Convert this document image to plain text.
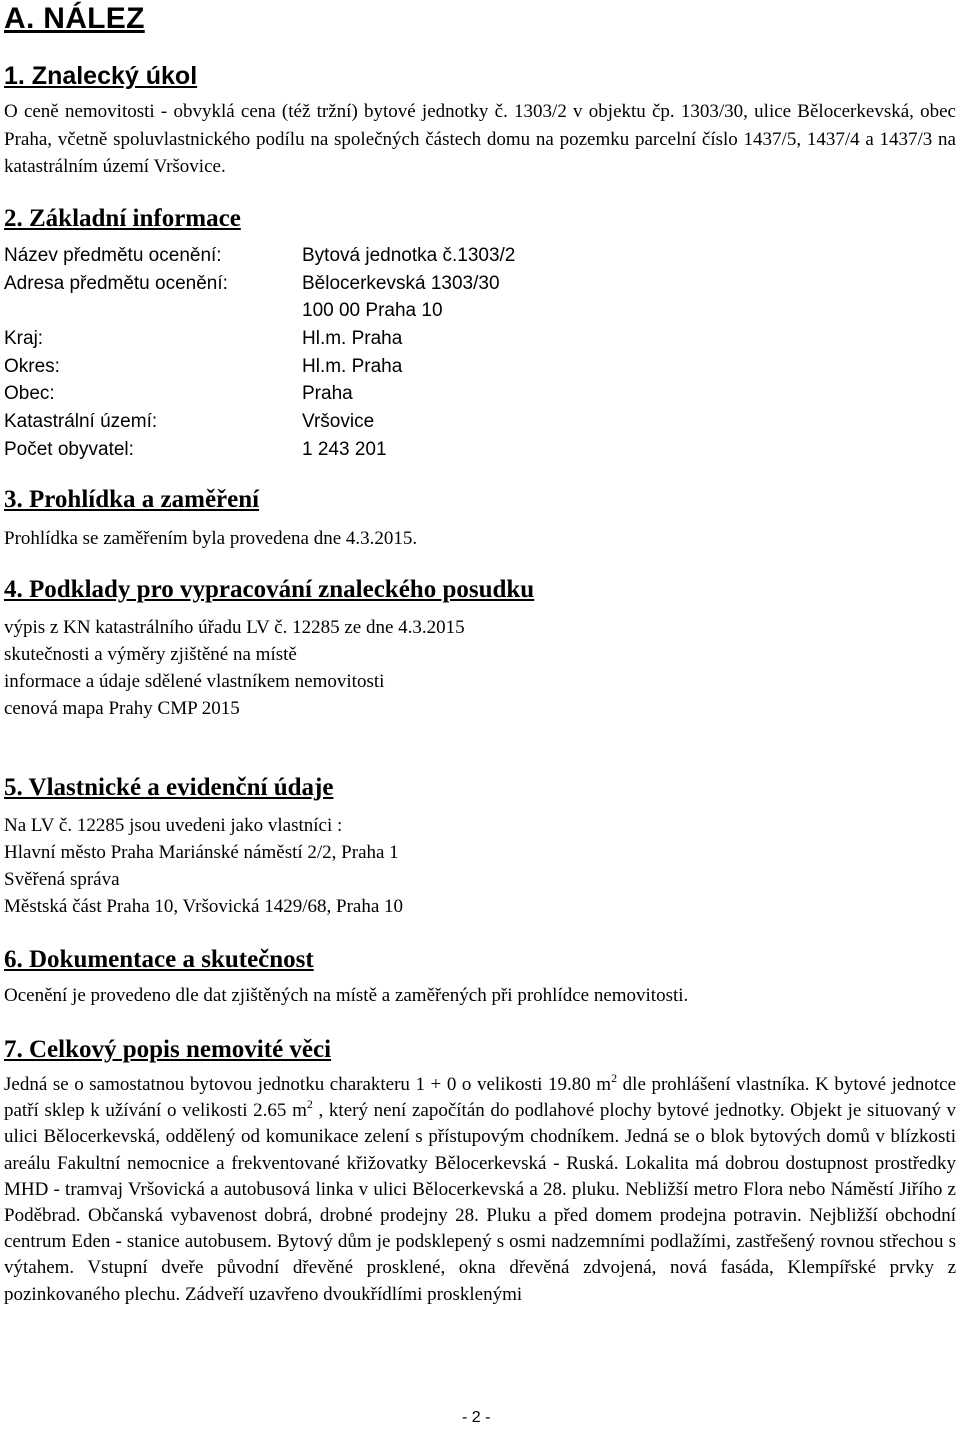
A. NÁLEZ
1. Znalecký úkol

O ceně nemovitosti - obvyklá cena (též tržní) bytové jednotky č. 1303/2 v objektu čp. 1303/30, ulice Bělocerkevská, obec Praha, včetně spoluvlastnického podílu na společných částech domu na pozemku parcelní číslo 1437/5, 1437/4 a 1437/3 na katastrálním území Vršovice.

2. Základní informace
Název předmětu ocenění:	Bytová jednotka č.1303/2
Adresa předmětu ocenění:	Bělocerkevská 1303/30
100 00 Praha 10
Kraj:	Hl.m. Praha
Okres:	Hl.m. Praha
Obec:	Praha
Katastrální území:	Vršovice
Počet obyvatel:	1 243 201
3. Prohlídka a zaměření
Prohlídka se zaměřením byla provedena dne 4.3.2015.
4. Podklady pro vypracování znaleckého posudku
výpis z KN katastrálního úřadu LV č. 12285 ze dne 4.3.2015
skutečnosti a výměry zjištěné na místě
informace a údaje sdělené vlastníkem nemovitosti
cenová mapa Prahy CMP 2015
5. Vlastnické a evidenční údaje
Na LV č. 12285 jsou uvedeni jako vlastníci :
Hlavní město Praha Mariánské náměstí 2/2, Praha 1
Svěřená správa
Městská část Praha 10, Vršovická 1429/68, Praha 10
6. Dokumentace a skutečnost
Ocenění je provedeno dle dat zjištěných na místě a zaměřených při prohlídce nemovitosti.
7. Celkový popis nemovité věci

Jedná se o samostatnou bytovou jednotku charakteru 1 + 0 o velikosti 19.80 $m^2$ dle prohlášení vlastníka. K bytové jednotce patří sklep k užívání o velikosti 2.65 $m^2$ , který není započítán do podlahové plochy bytové jednotky. Objekt je situovaný v ulici Bělocerkevská, oddělený od komunikace zelení s přístupovým chodníkem. Jedná se o blok bytových domů v blízkosti areálu Fakultní nemocnice a frekventované křižovatky Bělocerkevská - Ruská. Lokalita má dobrou dostupnost prostředky MHD - tramvaj Vršovická a autobusová linka v ulici Bělocerkevská a 28. pluku. Nebližší metro Flora nebo Náměstí Jiřího z Poděbrad. Občanská vybavenost dobrá, drobné prodejny 28. Pluku a před domem prodejna potravin. Nejbližší obchodní centrum Eden - stanice autobusem. Bytový dům je podsklepený s osmi nadzemními podlažími, zastřešený rovnou střechou s výtahem. Vstupní dveře původní dřevěné prosklené, okna dřevěná zdvojená, nová fasáda, Klempířské prvky z pozinkovaného plechu. Zádveří uzavřeno dvoukřídlími prosklenými

- 2 -
